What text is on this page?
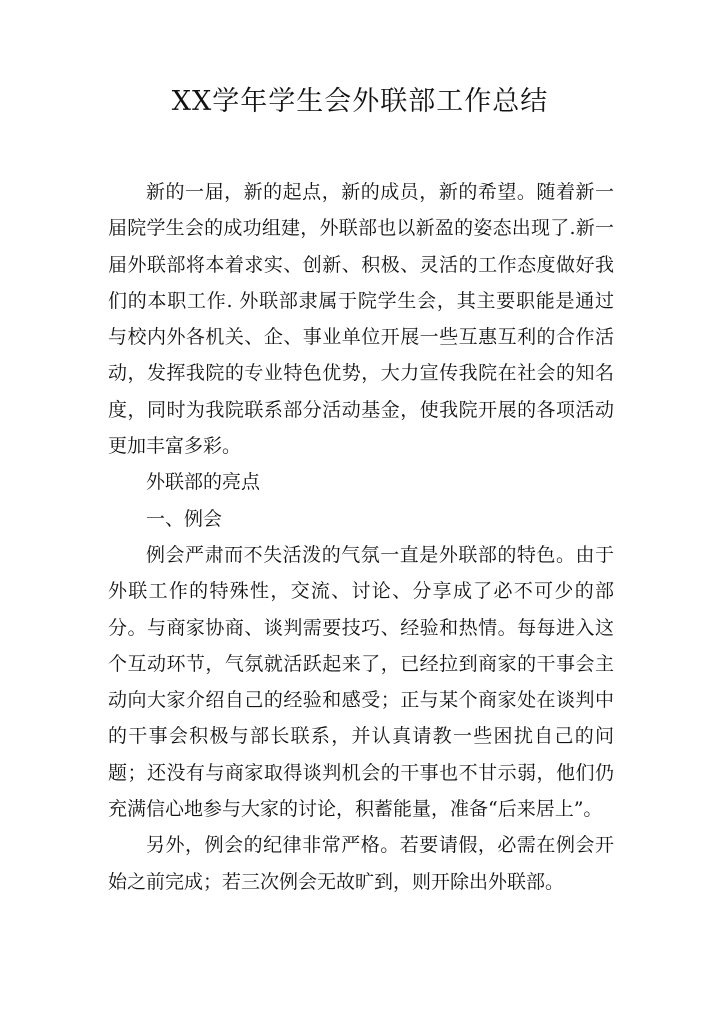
XX学年学生会外联部工作总结

新的一届，新的起点，新的成员，新的希望。随着新一届院学生会的成功组建，外联部也以新盈的姿态出现了.新一届外联部将本着求实、创新、积极、灵活的工作态度做好我们的本职工作. 外联部隶属于院学生会，其主要职能是通过与校内外各机关、企、事业单位开展一些互惠互利的合作活动，发挥我院的专业特色优势，大力宣传我院在社会的知名度，同时为我院联系部分活动基金，使我院开展的各项活动更加丰富多彩。

外联部的亮点

一、例会

例会严肃而不失活泼的气氛一直是外联部的特色。由于外联工作的特殊性，交流、讨论、分享成了必不可少的部分。与商家协商、谈判需要技巧、经验和热情。每每进入这个互动环节，气氛就活跃起来了，已经拉到商家的干事会主动向大家介绍自己的经验和感受；正与某个商家处在谈判中的干事会积极与部长联系，并认真请教一些困扰自己的问题；还没有与商家取得谈判机会的干事也不甘示弱，他们仍充满信心地参与大家的讨论，积蓄能量，准备“后来居上”。

另外，例会的纪律非常严格。若要请假，必需在例会开始之前完成；若三次例会无故旷到，则开除出外联部。
